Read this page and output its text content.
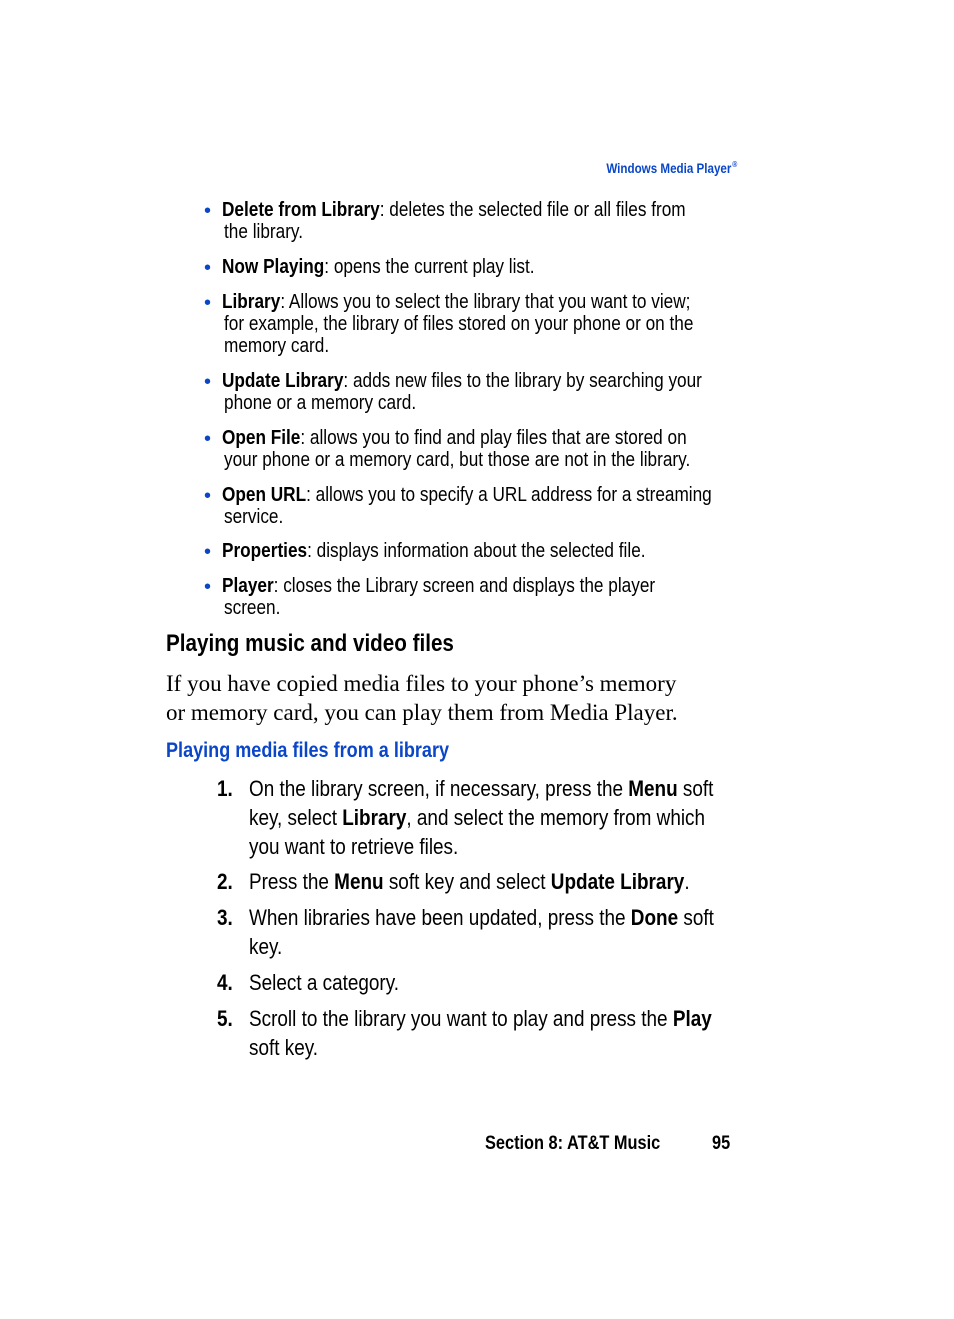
Windows Media Player®
• Delete from Library: deletes the selected file or all files from
the library.
• Now Playing: opens the current play list.
• Library: Allows you to select the library that you want to view;
for example, the library of files stored on your phone or on the
memory card.
• Update Library: adds new files to the library by searching your
phone or a memory card.
• Open File: allows you to find and play files that are stored on
your phone or a memory card, but those are not in the library.
• Open URL: allows you to specify a URL address for a streaming
service.
• Properties: displays information about the selected file.
• Player: closes the Library screen and displays the player
screen.
Playing music and video files
If you have copied media files to your phone’s memory
or memory card, you can play them from Media Player.
Playing media files from a library
1. On the library screen, if necessary, press the Menu soft
key, select Library, and select the memory from which
you want to retrieve files.
2. Press the Menu soft key and select Update Library.
3. When libraries have been updated, press the Done soft
key.
4. Select a category.
5. Scroll to the library you want to play and press the Play
soft key.
Section 8: AT&T Music	95
